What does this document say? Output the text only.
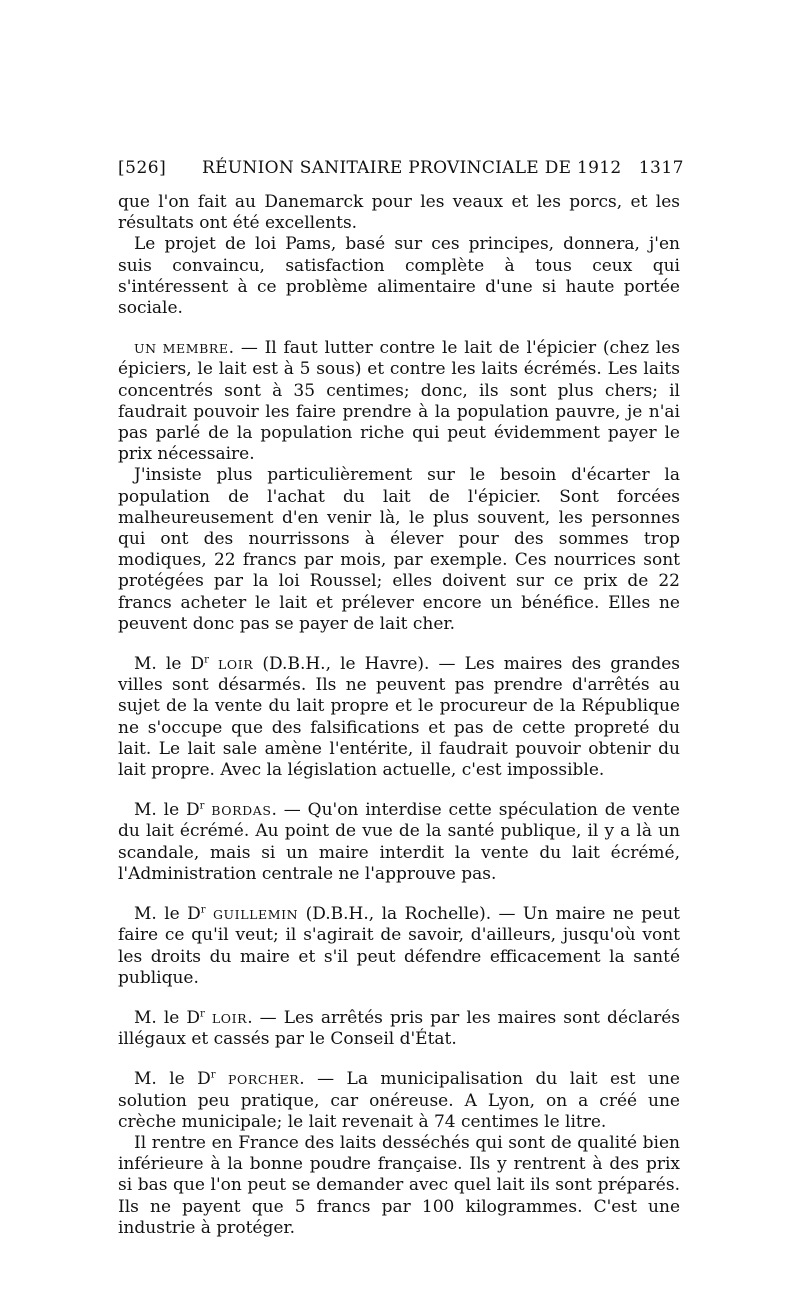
[526] RÉUNION SANITAIRE PROVINCIALE DE 1912 1317

que l'on fait au Danemarck pour les veaux et les porcs, et les résultats ont été excellents.

Le projet de loi Pams, basé sur ces principes, donnera, j'en suis convaincu, satisfaction complète à tous ceux qui s'intéressent à ce problème alimentaire d'une si haute portée sociale.

UN MEMBRE. — Il faut lutter contre le lait de l'épicier (chez les épiciers, le lait est à 5 sous) et contre les laits écrémés. Les laits concentrés sont à 35 centimes; donc, ils sont plus chers; il faudrait pouvoir les faire prendre à la population pauvre, je n'ai pas parlé de la population riche qui peut évidemment payer le prix nécessaire.

J'insiste plus particulièrement sur le besoin d'écarter la population de l'achat du lait de l'épicier. Sont forcées malheureusement d'en venir là, le plus souvent, les personnes qui ont des nourrissons à élever pour des sommes trop modiques, 22 francs par mois, par exemple. Ces nourrices sont protégées par la loi Roussel; elles doivent sur ce prix de 22 francs acheter le lait et prélever encore un bénéfice. Elles ne peuvent donc pas se payer de lait cher.

M. le $D^r$ LOIR (D.B.H., le Havre). — Les maires des grandes villes sont désarmés. Ils ne peuvent pas prendre d'arrêtés au sujet de la vente du lait propre et le procureur de la République ne s'occupe que des falsifications et pas de cette propreté du lait. Le lait sale amène l'entérite, il faudrait pouvoir obtenir du lait propre. Avec la législation actuelle, c'est impossible.

M. le $D^r$ BORDAS. — Qu'on interdise cette spéculation de vente du lait écrémé. Au point de vue de la santé publique, il y a là un scandale, mais si un maire interdit la vente du lait écrémé, l'Administration centrale ne l'approuve pas.

M. le $D^r$ GUILLEMIN (D.B.H., la Rochelle). — Un maire ne peut faire ce qu'il veut; il s'agirait de savoir, d'ailleurs, jusqu'où vont les droits du maire et s'il peut défendre efficacement la santé publique.

M. le $D^r$ LOIR. — Les arrêtés pris par les maires sont déclarés illégaux et cassés par le Conseil d'État.

M. le $D^r$ PORCHER. — La municipalisation du lait est une solution peu pratique, car onéreuse. A Lyon, on a créé une crèche municipale; le lait revenait à 74 centimes le litre.

Il rentre en France des laits desséchés qui sont de qualité bien inférieure à la bonne poudre française. Ils y rentrent à des prix si bas que l'on peut se demander avec quel lait ils sont préparés. Ils ne payent que 5 francs par 100 kilogrammes. C'est une industrie à protéger.
